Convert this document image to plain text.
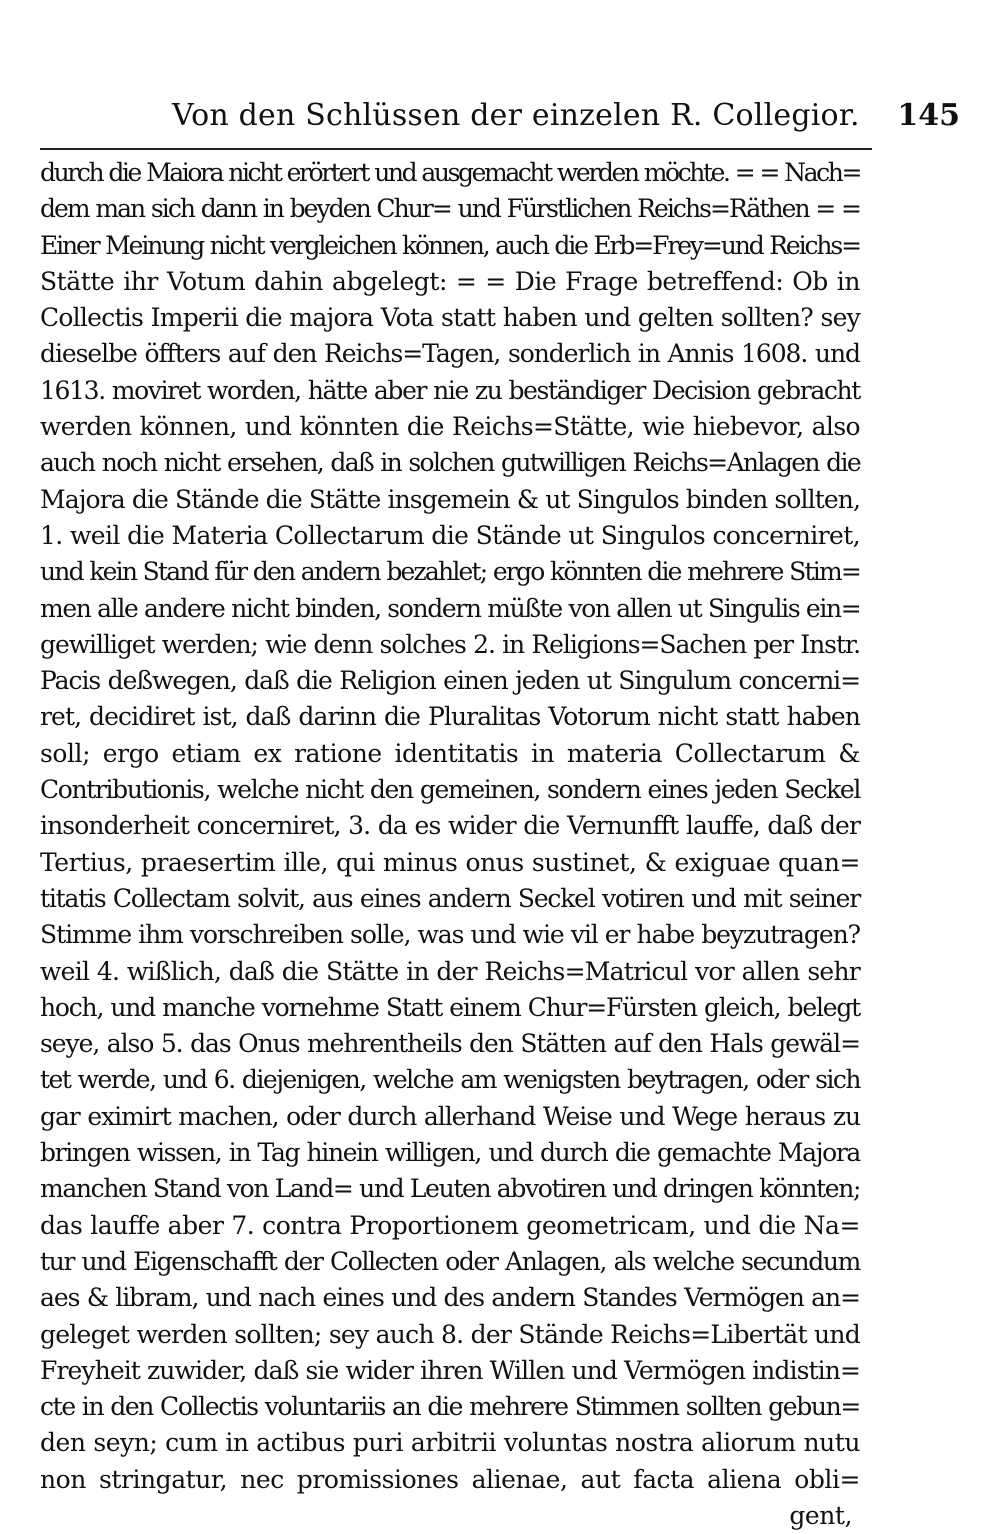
Von den Schlüssen der einzelen R. Collegior. 145
durch die Maiora nicht erörtert und ausgemacht werden möchte. = = Nach=
dem man sich dann in beyden Chur= und Fürstlichen Reichs=Räthen = =
Einer Meinung nicht vergleichen können, auch die Erb=Frey=und Reichs=
Stätte ihr Votum dahin abgelegt: = = Die Frage betreffend: Ob in
Collectis Imperii die majora Vota statt haben und gelten sollten? sey
dieselbe öffters auf den Reichs=Tagen, sonderlich in Annis 1608. und
1613. moviret worden, hätte aber nie zu beständiger Decision gebracht
werden können, und könnten die Reichs=Stätte, wie hiebevor, also
auch noch nicht ersehen, daß in solchen gutwilligen Reichs=Anlagen die
Majora die Stände die Stätte insgemein & ut Singulos binden sollten,
1. weil die Materia Collectarum die Stände ut Singulos concerniret,
und kein Stand für den andern bezahlet; ergo könnten die mehrere Stim=
men alle andere nicht binden, sondern müßte von allen ut Singulis ein=
gewilliget werden; wie denn solches 2. in Religions=Sachen per Instr.
Pacis deßwegen, daß die Religion einen jeden ut Singulum concerni=
ret, decidiret ist, daß darinn die Pluralitas Votorum nicht statt haben
soll; ergo etiam ex ratione identitatis in materia Collectarum &
Contributionis, welche nicht den gemeinen, sondern eines jeden Seckel
insonderheit concerniret, 3. da es wider die Vernunfft lauffe, daß der
Tertius, praesertim ille, qui minus onus sustinet, & exiguae quan=
titatis Collectam solvit, aus eines andern Seckel votiren und mit seiner
Stimme ihm vorschreiben solle, was und wie vil er habe beyzutragen?
weil 4. wißlich, daß die Stätte in der Reichs=Matricul vor allen sehr
hoch, und manche vornehme Statt einem Chur=Fürsten gleich, belegt
seye, also 5. das Onus mehrentheils den Stätten auf den Hals gewäl=
tet werde, und 6. diejenigen, welche am wenigsten beytragen, oder sich
gar eximirt machen, oder durch allerhand Weise und Wege heraus zu
bringen wissen, in Tag hinein willigen, und durch die gemachte Majora
manchen Stand von Land= und Leuten abvotiren und dringen könnten;
das lauffe aber 7. contra Proportionem geometricam, und die Na=
tur und Eigenschafft der Collecten oder Anlagen, als welche secundum
aes & libram, und nach eines und des andern Standes Vermögen an=
geleget werden sollten; sey auch 8. der Stände Reichs=Libertät und
Freyheit zuwider, daß sie wider ihren Willen und Vermögen indistin=
cte in den Collectis voluntariis an die mehrere Stimmen sollten gebun=
den seyn; cum in actibus puri arbitrii voluntas nostra aliorum nutu
non stringatur, nec promissiones alienae, aut facta aliena obli=
gent,
